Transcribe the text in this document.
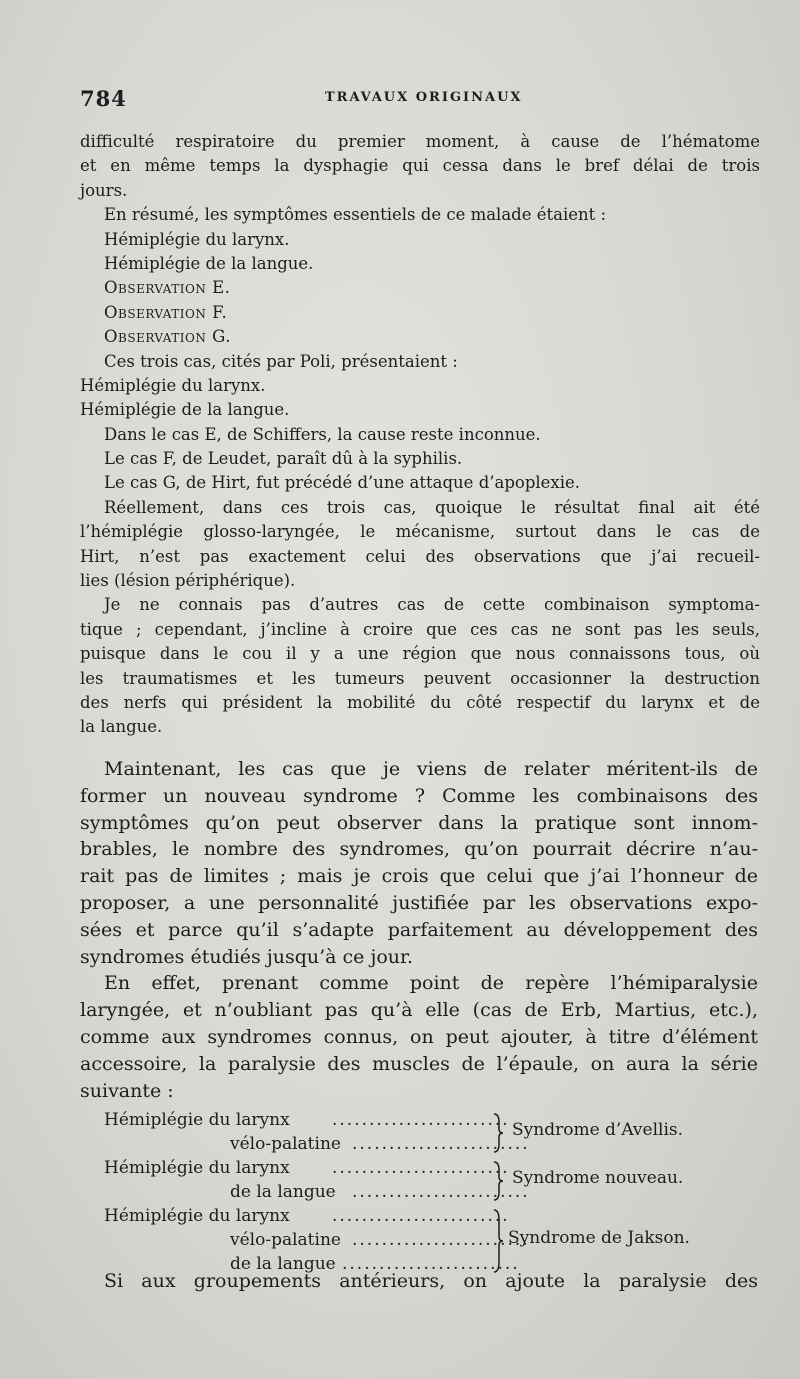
784	TRAVAUX ORIGINAUX
difficulté respiratoire du premier moment, à cause de l’hématome
et en même temps la dysphagie qui cessa dans le bref délai de trois
jours.
En résumé, les symptômes essentiels de ce malade étaient :
Hémiplégie du larynx.
Hémiplégie de la langue.
Observation E.
Observation F.
Observation G.
Ces trois cas, cités par Poli, présentaient :
Hémiplégie du larynx.
Hémiplégie de la langue.
Dans le cas E, de Schiffers, la cause reste inconnue.
Le cas F, de Leudet, paraît dû à la syphilis.
Le cas G, de Hirt, fut précédé d’une attaque d’apoplexie.
Réellement, dans ces trois cas, quoique le résultat final ait été
l’hémiplégie glosso-laryngée, le mécanisme, surtout dans le cas de
Hirt, n’est pas exactement celui des observations que j’ai recueil-
lies (lésion périphérique).
Je ne connais pas d’autres cas de cette combinaison symptoma-
tique ; cependant, j’incline à croire que ces cas ne sont pas les seuls,
puisque dans le cou il y a une région que nous connaissons tous, où
les traumatismes et les tumeurs peuvent occasionner la destruction
des nerfs qui président la mobilité du côté respectif du larynx et de
la langue.
Maintenant, les cas que je viens de relater méritent-ils de
former un nouveau syndrome ? Comme les combinaisons des
symptômes qu’on peut observer dans la pratique sont innom-
brables, le nombre des syndromes, qu’on pourrait décrire n’au-
rait pas de limites ; mais je crois que celui que j’ai l’honneur de
proposer, a une personnalité justifiée par les observations expo-
sées et parce qu’il s’adapte parfaitement au développement des
syndromes étudiés jusqu’à ce jour.
En effet, prenant comme point de repère l’hémiparalysie
laryngée, et n’oubliant pas qu’à elle (cas de Erb, Martius, etc.),
comme aux syndromes connus, on peut ajouter, à titre d’élément
accessoire, la paralysie des muscles de l’épaule, on aura la série
suivante :
Hémiplégie du larynx ........................
vélo-palatine ........................
Syndrome d’Avellis.
Hémiplégie du larynx ........................
de la langue ........................
Syndrome nouveau.
Hémiplégie du larynx ........................
vélo-palatine ........................
de la langue ........................
Syndrome de Jakson.
Si aux groupements antérieurs, on ajoute la paralysie des
